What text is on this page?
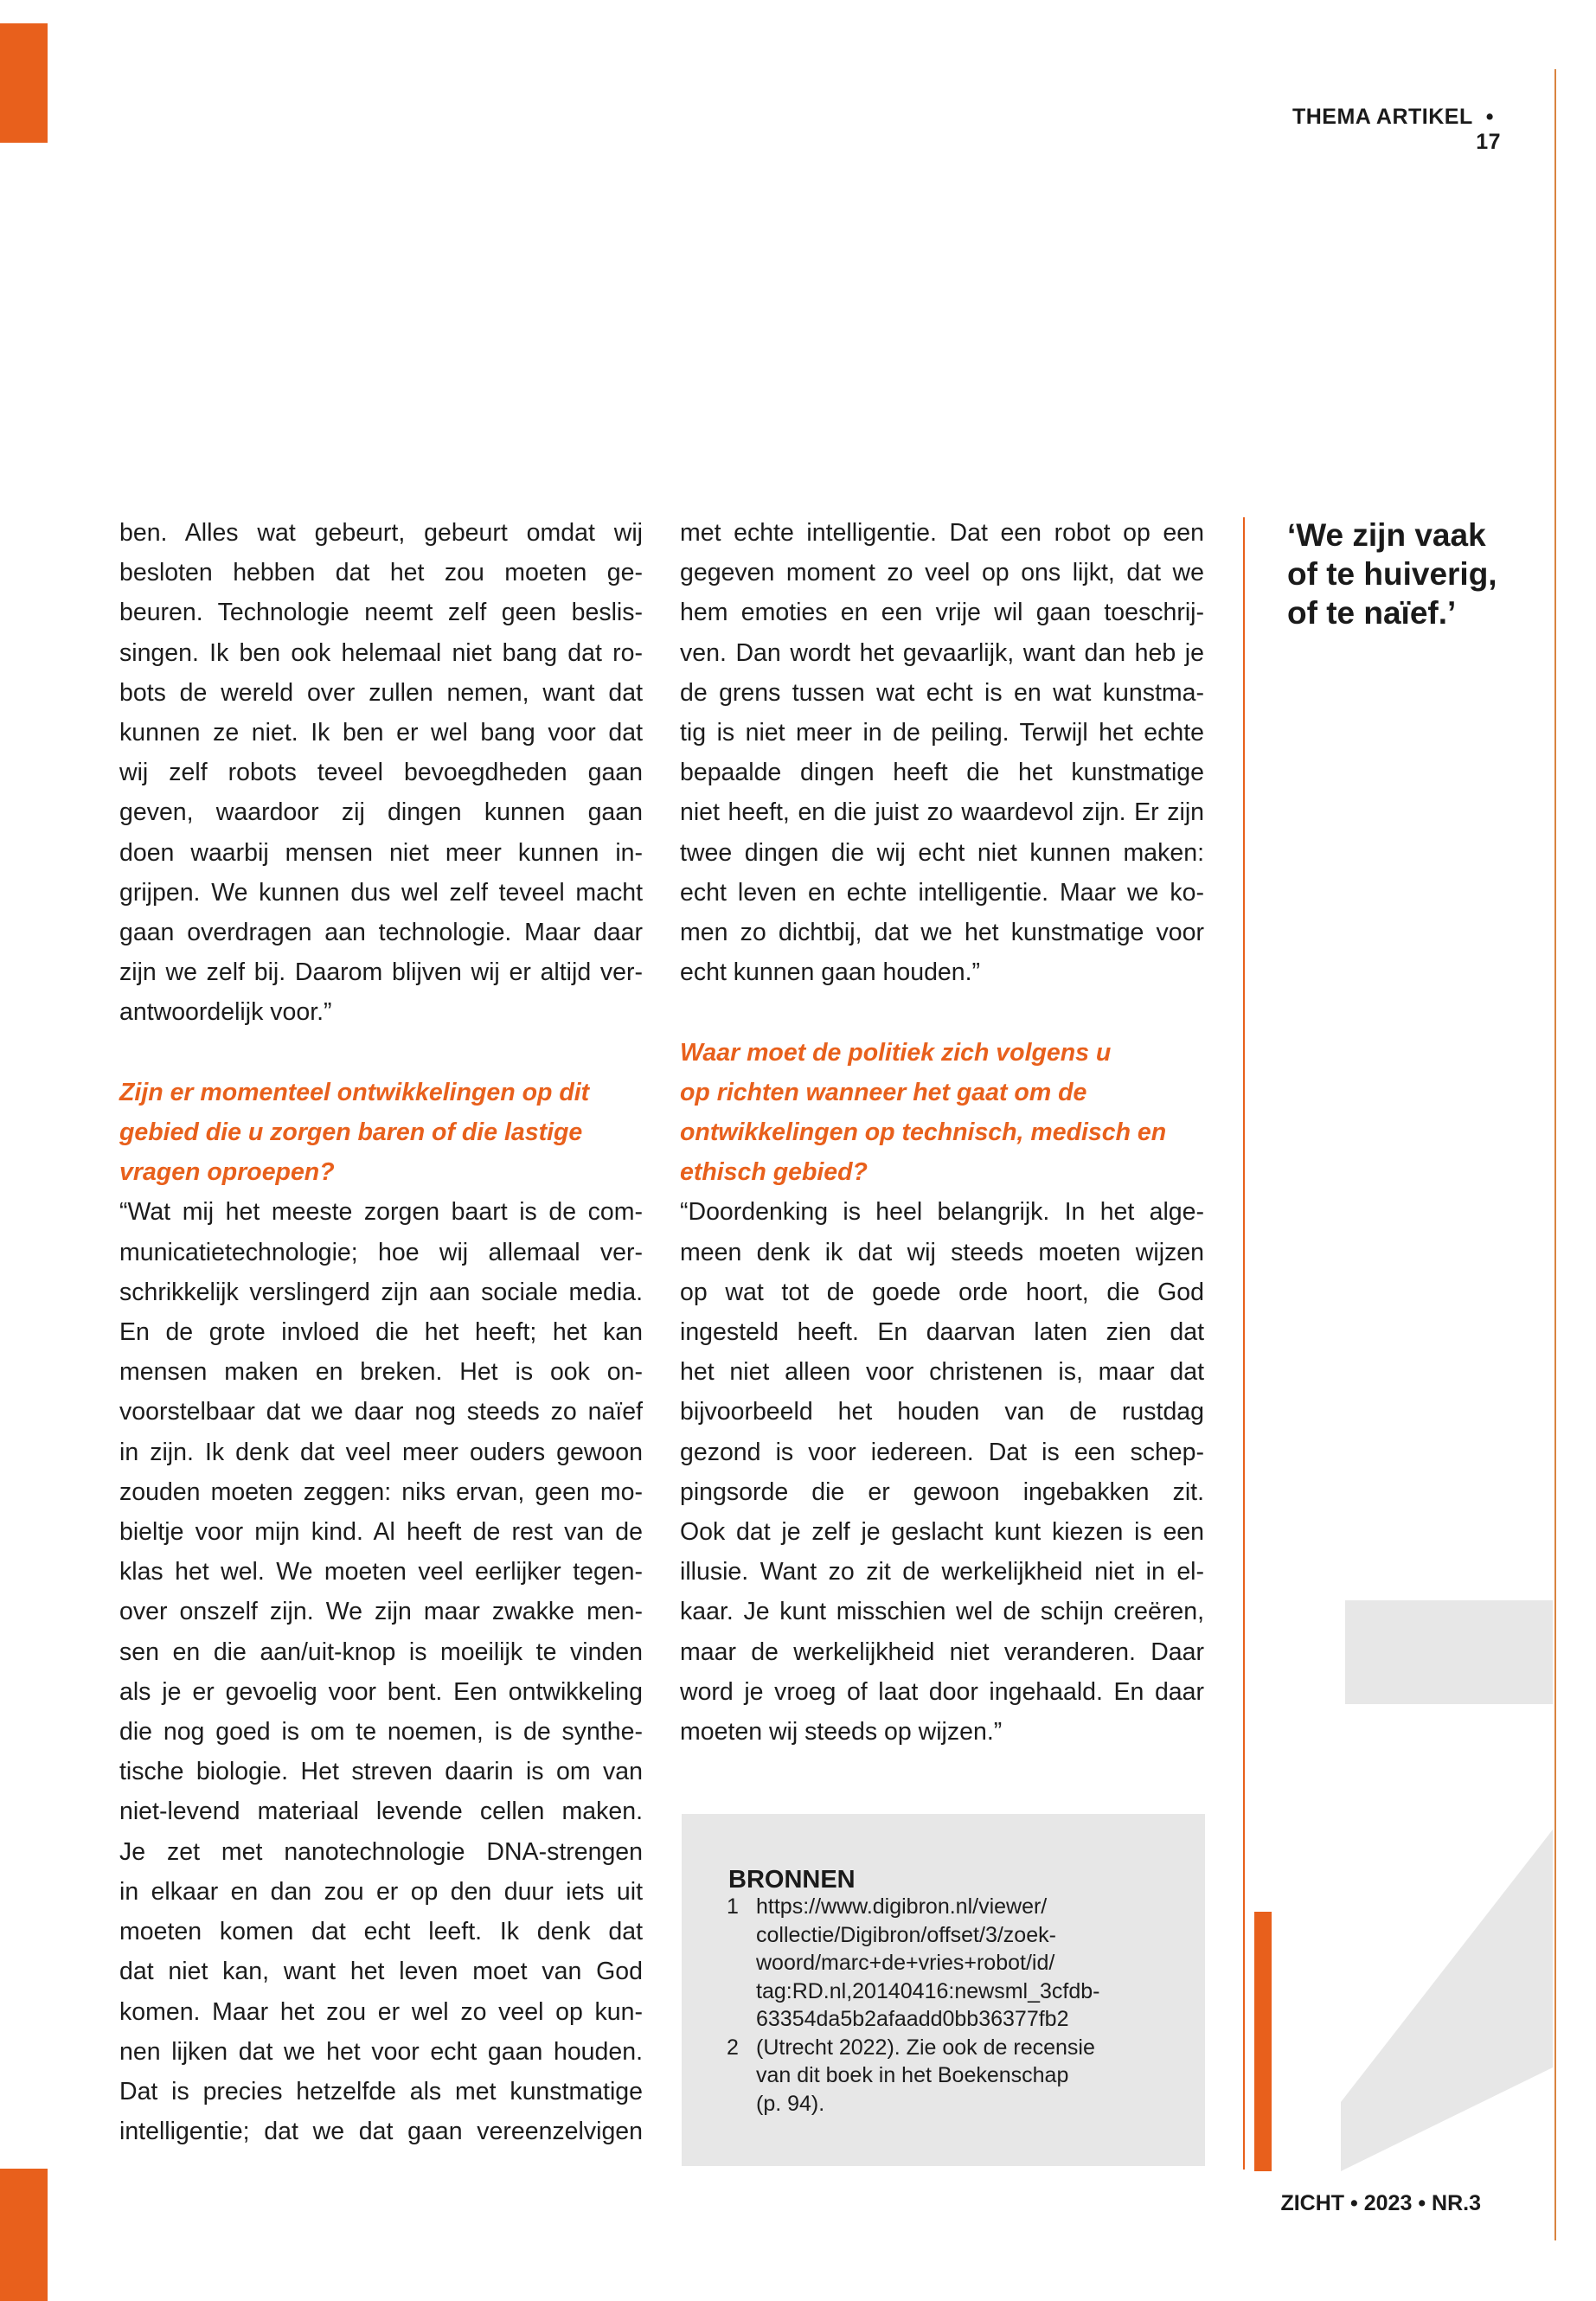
THEMA ARTIKEL • 17

ben. Alles wat gebeurt, gebeurt omdat wij

besloten hebben dat het zou moeten ge-

beuren. Technologie neemt zelf geen beslis-

singen. Ik ben ook helemaal niet bang dat ro-

bots de wereld over zullen nemen, want dat

kunnen ze niet. Ik ben er wel bang voor dat

wij zelf robots teveel bevoegdheden gaan

geven, waardoor zij dingen kunnen gaan

doen waarbij mensen niet meer kunnen in-

grijpen. We kunnen dus wel zelf teveel macht

gaan overdragen aan technologie. Maar daar

zijn we zelf bij. Daarom blijven wij er altijd ver-

antwoordelijk voor.”

Zijn er momenteel ontwikkelingen op dit

gebied die u zorgen baren of die lastige

vragen oproepen?

“Wat mij het meeste zorgen baart is de com-

municatietechnologie; hoe wij allemaal ver-

schrikkelijk verslingerd zijn aan sociale media.

En de grote invloed die het heeft; het kan

mensen maken en breken. Het is ook on-

voorstelbaar dat we daar nog steeds zo naïef

in zijn. Ik denk dat veel meer ouders gewoon

zouden moeten zeggen: niks ervan, geen mo-

bieltje voor mijn kind. Al heeft de rest van de

klas het wel. We moeten veel eerlijker tegen-

over onszelf zijn. We zijn maar zwakke men-

sen en die aan/uit-knop is moeilijk te vinden

als je er gevoelig voor bent. Een ontwikkeling

die nog goed is om te noemen, is de synthe-

tische biologie. Het streven daarin is om van

niet-levend materiaal levende cellen maken.

Je zet met nanotechnologie DNA-strengen

in elkaar en dan zou er op den duur iets uit

moeten komen dat echt leeft. Ik denk dat

dat niet kan, want het leven moet van God

komen. Maar het zou er wel zo veel op kun-

nen lijken dat we het voor echt gaan houden.

Dat is precies hetzelfde als met kunstmatige

intelligentie; dat we dat gaan vereenzelvigen

met echte intelligentie. Dat een robot op een

gegeven moment zo veel op ons lijkt, dat we

hem emoties en een vrije wil gaan toeschrij-

ven. Dan wordt het gevaarlijk, want dan heb je

de grens tussen wat echt is en wat kunstma-

tig is niet meer in de peiling. Terwijl het echte

bepaalde dingen heeft die het kunstmatige

niet heeft, en die juist zo waardevol zijn. Er zijn

twee dingen die wij echt niet kunnen maken:

echt leven en echte intelligentie. Maar we ko-

men zo dichtbij, dat we het kunstmatige voor

echt kunnen gaan houden.”

Waar moet de politiek zich volgens u

op richten wanneer het gaat om de

ontwikkelingen op technisch, medisch en

ethisch gebied?

“Doordenking is heel belangrijk. In het alge-

meen denk ik dat wij steeds moeten wijzen

op wat tot de goede orde hoort, die God

ingesteld heeft. En daarvan laten zien dat

het niet alleen voor christenen is, maar dat

bijvoorbeeld het houden van de rustdag

gezond is voor iedereen. Dat is een schep-

pingsorde die er gewoon ingebakken zit.

Ook dat je zelf je geslacht kunt kiezen is een

illusie. Want zo zit de werkelijkheid niet in el-

kaar. Je kunt misschien wel de schijn creëren,

maar de werkelijkheid niet veranderen. Daar

word je vroeg of laat door ingehaald. En daar

moeten wij steeds op wijzen.”

‘We zijn vaak
of te huiverig,
of te naïef.’
BRONNEN
1 https://www.digibron.nl/viewer/
collectie/Digibron/offset/3/zoek-
woord/marc+de+vries+robot/id/
tag:RD.nl,20140416:newsml_3cfdb-
63354da5b2afaadd0bb36377fb2
2 (Utrecht 2022). Zie ook de recensie
van dit boek in het Boekenschap
(p. 94).
ZICHT • 2023 • NR.3
